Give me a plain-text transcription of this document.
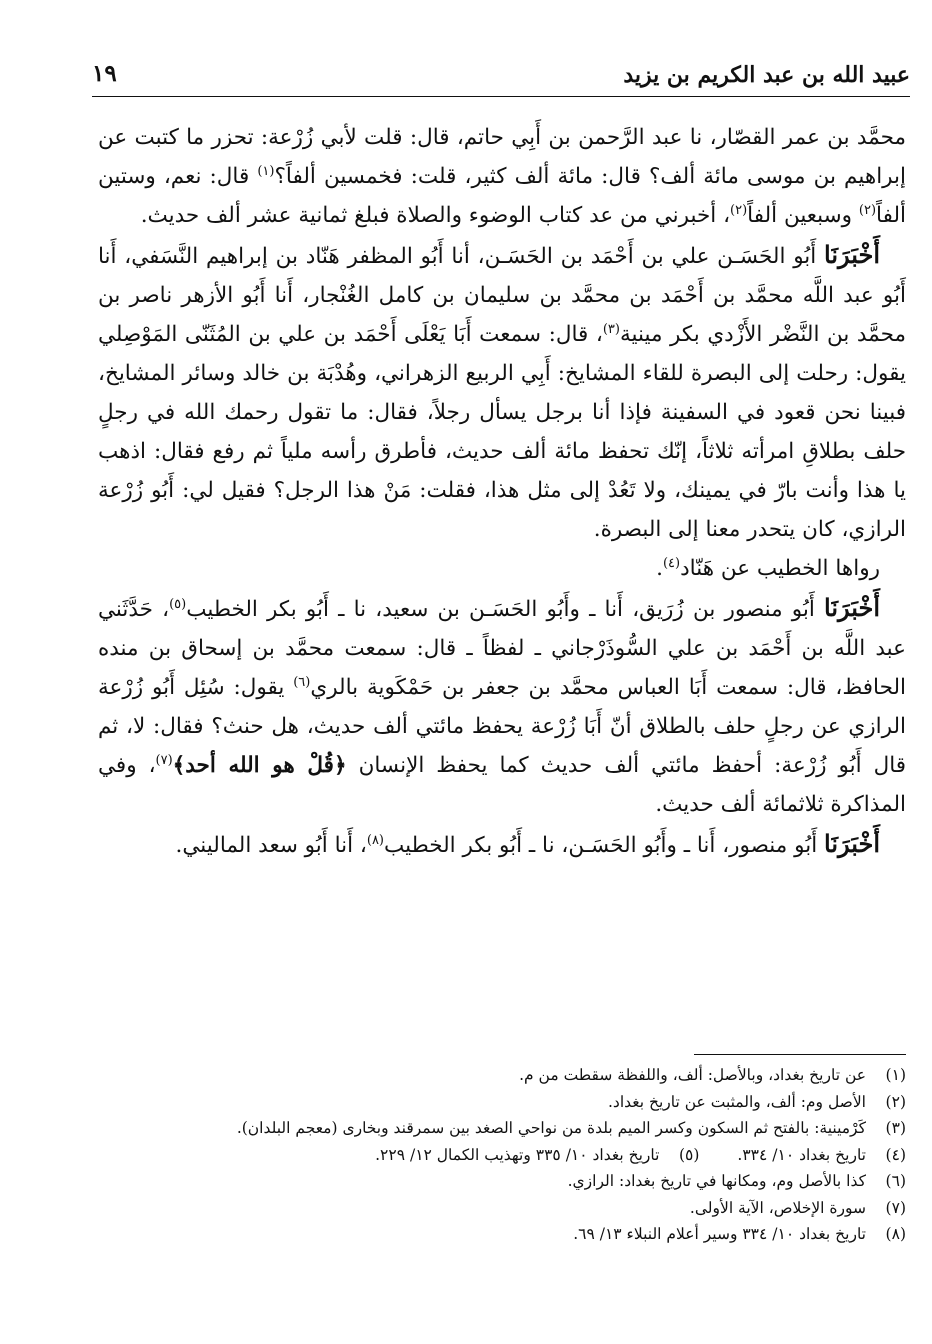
عبيد الله بن عبد الكريم بن يزيد
١٩

محمَّد بن عمر القصّار، نا عبد الرَّحمن بن أَبِي حاتم، قال: قلت لأبي زُرْعة: تحزر ما كتبت عن إبراهيم بن موسى مائة ألف؟ قال: مائة ألف كثير، قلت: فخمسين ألفاً؟$^{(١)}$ قال: نعم، وستين ألفاً$^{(٢)}$ وسبعين ألفاً$^{(٢)}$، أخبرني من عد كتاب الوضوء والصلاة فبلغ ثمانية عشر ألف حديث.

أَخْبَرَنَا أَبُو الحَسَـن علي بن أَحْمَد بن الحَسَـن، أنا أَبُو المظفر هَنّاد بن إبراهيم النَّسَفي، أَنا أَبُو عبد اللَّه محمَّد بن أَحْمَد بن محمَّد بن سليمان بن كامل الغُنْجار، أَنا أَبُو الأزهر ناصر بن محمَّد بن النَّضْر الأَزْدي بكر مينية$^{(٣)}$، قال: سمعت أَبَا يَعْلَى أَحْمَد بن علي بن المُثَنّى المَوْصِلي يقول: رحلت إلى البصرة للقاء المشايخ: أَبِي الربيع الزهراني، وهُدْبَة بن خالد وسائر المشايخ، فبينا نحن قعود في السفينة فإذا أنا برجل يسأل رجلاً، فقال: ما تقول رحمك الله في رجلٍ حلف بطلاقِ امرأته ثلاثاً، إنّك تحفظ مائة ألف حديث، فأطرق رأسه ملياً ثم رفع فقال: اذهب يا هذا وأنت بارّ في يمينك، ولا تَعُدْ إلى مثل هذا، فقلت: مَنْ هذا الرجل؟ فقيل لي: أَبُو زُرْعة الرازي، كان يتحدر معنا إلى البصرة.

رواها الخطيب عن هَنّاد$^{(٤)}$.

أَخْبَرَنَا أَبُو منصور بن زُرَيق، أَنا ـ وأَبُو الحَسَـن بن سعيد، نا ـ أَبُو بكر الخطيب$^{(٥)}$، حَدَّثَني عبد اللَّه بن أَحْمَد بن علي السُّوذَرْجاني ـ لفظاً ـ قال: سمعت محمَّد بن إسحاق بن منده الحافظ، قال: سمعت أَبَا العباس محمَّد بن جعفر بن حَمْكَوية بالري$^{(٦)}$ يقول: سُئِل أَبُو زُرْعة الرازي عن رجلٍ حلف بالطلاق أنّ أَبَا زُرْعة يحفظ مائتي ألف حديث، هل حنث؟ فقال: لا، ثم قال أَبُو زُرْعة: أحفظ مائتي ألف حديث كما يحفظ الإنسان ﴿قُلْ هو الله أحد﴾$^{(٧)}$، وفي المذاكرة ثلاثمائة ألف حديث.

أَخْبَرَنَا أَبُو منصور، أَنا ـ وأَبُو الحَسَـن، نا ـ أَبُو بكر الخطيب$^{(٨)}$، أَنا أَبُو سعد الماليني.

(١)
عن تاريخ بغداد، وبالأصل: ألف، واللفظة سقطت من م.
(٢)
الأصل وم: ألف، والمثبت عن تاريخ بغداد.
(٣)
كَرْمينية: بالفتح ثم السكون وكسر الميم بلدة من نواحي الصغد بين سمرقند وبخارى (معجم البلدان).
(٤)
تاريخ بغداد ١٠/ ٣٣٤.
(٥)
تاريخ بغداد ١٠/ ٣٣٥ وتهذيب الكمال ١٢/ ٢٢٩.
(٦)
كذا بالأصل وم، ومكانها في تاريخ بغداد: الرازي.
(٧)
سورة الإخلاص، الآية الأولى.
(٨)
تاريخ بغداد ١٠/ ٣٣٤ وسير أعلام النبلاء ١٣/ ٦٩.
